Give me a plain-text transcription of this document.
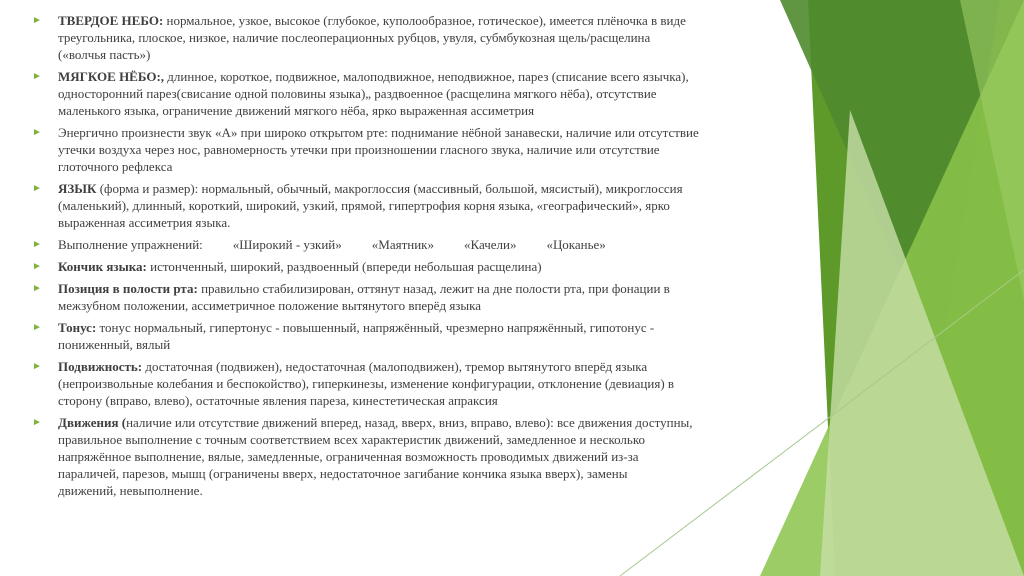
► ТВЕРДОЕ НЕБО: нормальное, узкое, высокое (глубокое, куполообразное, готическое), имеется плёночка в виде
треугольника, плоское, низкое, наличие послеоперационных рубцов, увуля, субмбукозная щель/расщелина
(«волчья пасть»)
► МЯГКОЕ НЁБО:, длинное, короткое, подвижное, малоподвижное, неподвижное, парез (списание всего язычка),
односторонний парез(свисание одной половины языка)„ раздвоенное (расщелина мягкого нёба), отсутствие
маленького языка, ограничение движений мягкого нёба, ярко выраженная ассиметрия
► Энергично произнести звук «А» при широко открытом рте: поднимание нёбной занавески, наличие или отсутствие
утечки воздуха через нос, равномерность утечки при произношении гласного звука, наличие или отсутствие
глоточного рефлекса
► ЯЗЫК (форма и размер): нормальный, обычный, макроглоссия (массивный, большой, мясистый), микроглоссия
(маленький), длинный, короткий, широкий, узкий, прямой, гипертрофия корня языка, «географический», ярко
выраженная ассиметрия языка.
► Выполнение упражнений: «Широкий - узкий» «Маятник» «Качели» «Цоканье»
► Кончик языка: истонченный, широкий, раздвоенный (впереди небольшая расщелина)
► Позиция в полости рта: правильно стабилизирован, оттянут назад, лежит на дне полости рта, при фонации в
межзубном положении, ассиметричное положение вытянутого вперёд языка
► Тонус: тонус нормальный, гипертонус - повышенный, напряжённый, чрезмерно напряжённый, гипотонус -
пониженный, вялый
► Подвижность: достаточная (подвижен), недостаточная (малоподвижен), тремор вытянутого вперёд языка
(непроизвольные колебания и беспокойство), гиперкинезы, изменение конфигурации, отклонение (девиация) в
сторону (вправо, влево), остаточные явления пареза, кинестетическая апраксия
► Движения (наличие или отсутствие движений вперед, назад, вверх, вниз, вправо, влево): все движения доступны,
правильное выполнение с точным соответствием всех характеристик движений, замедленное и несколько
напряжённое выполнение, вялые, замедленные, ограниченная возможность проводимых движений из-за
параличей, парезов, мышц (ограничены вверх, недостаточное загибание кончика языка вверх), замены
движений, невыполнение.
